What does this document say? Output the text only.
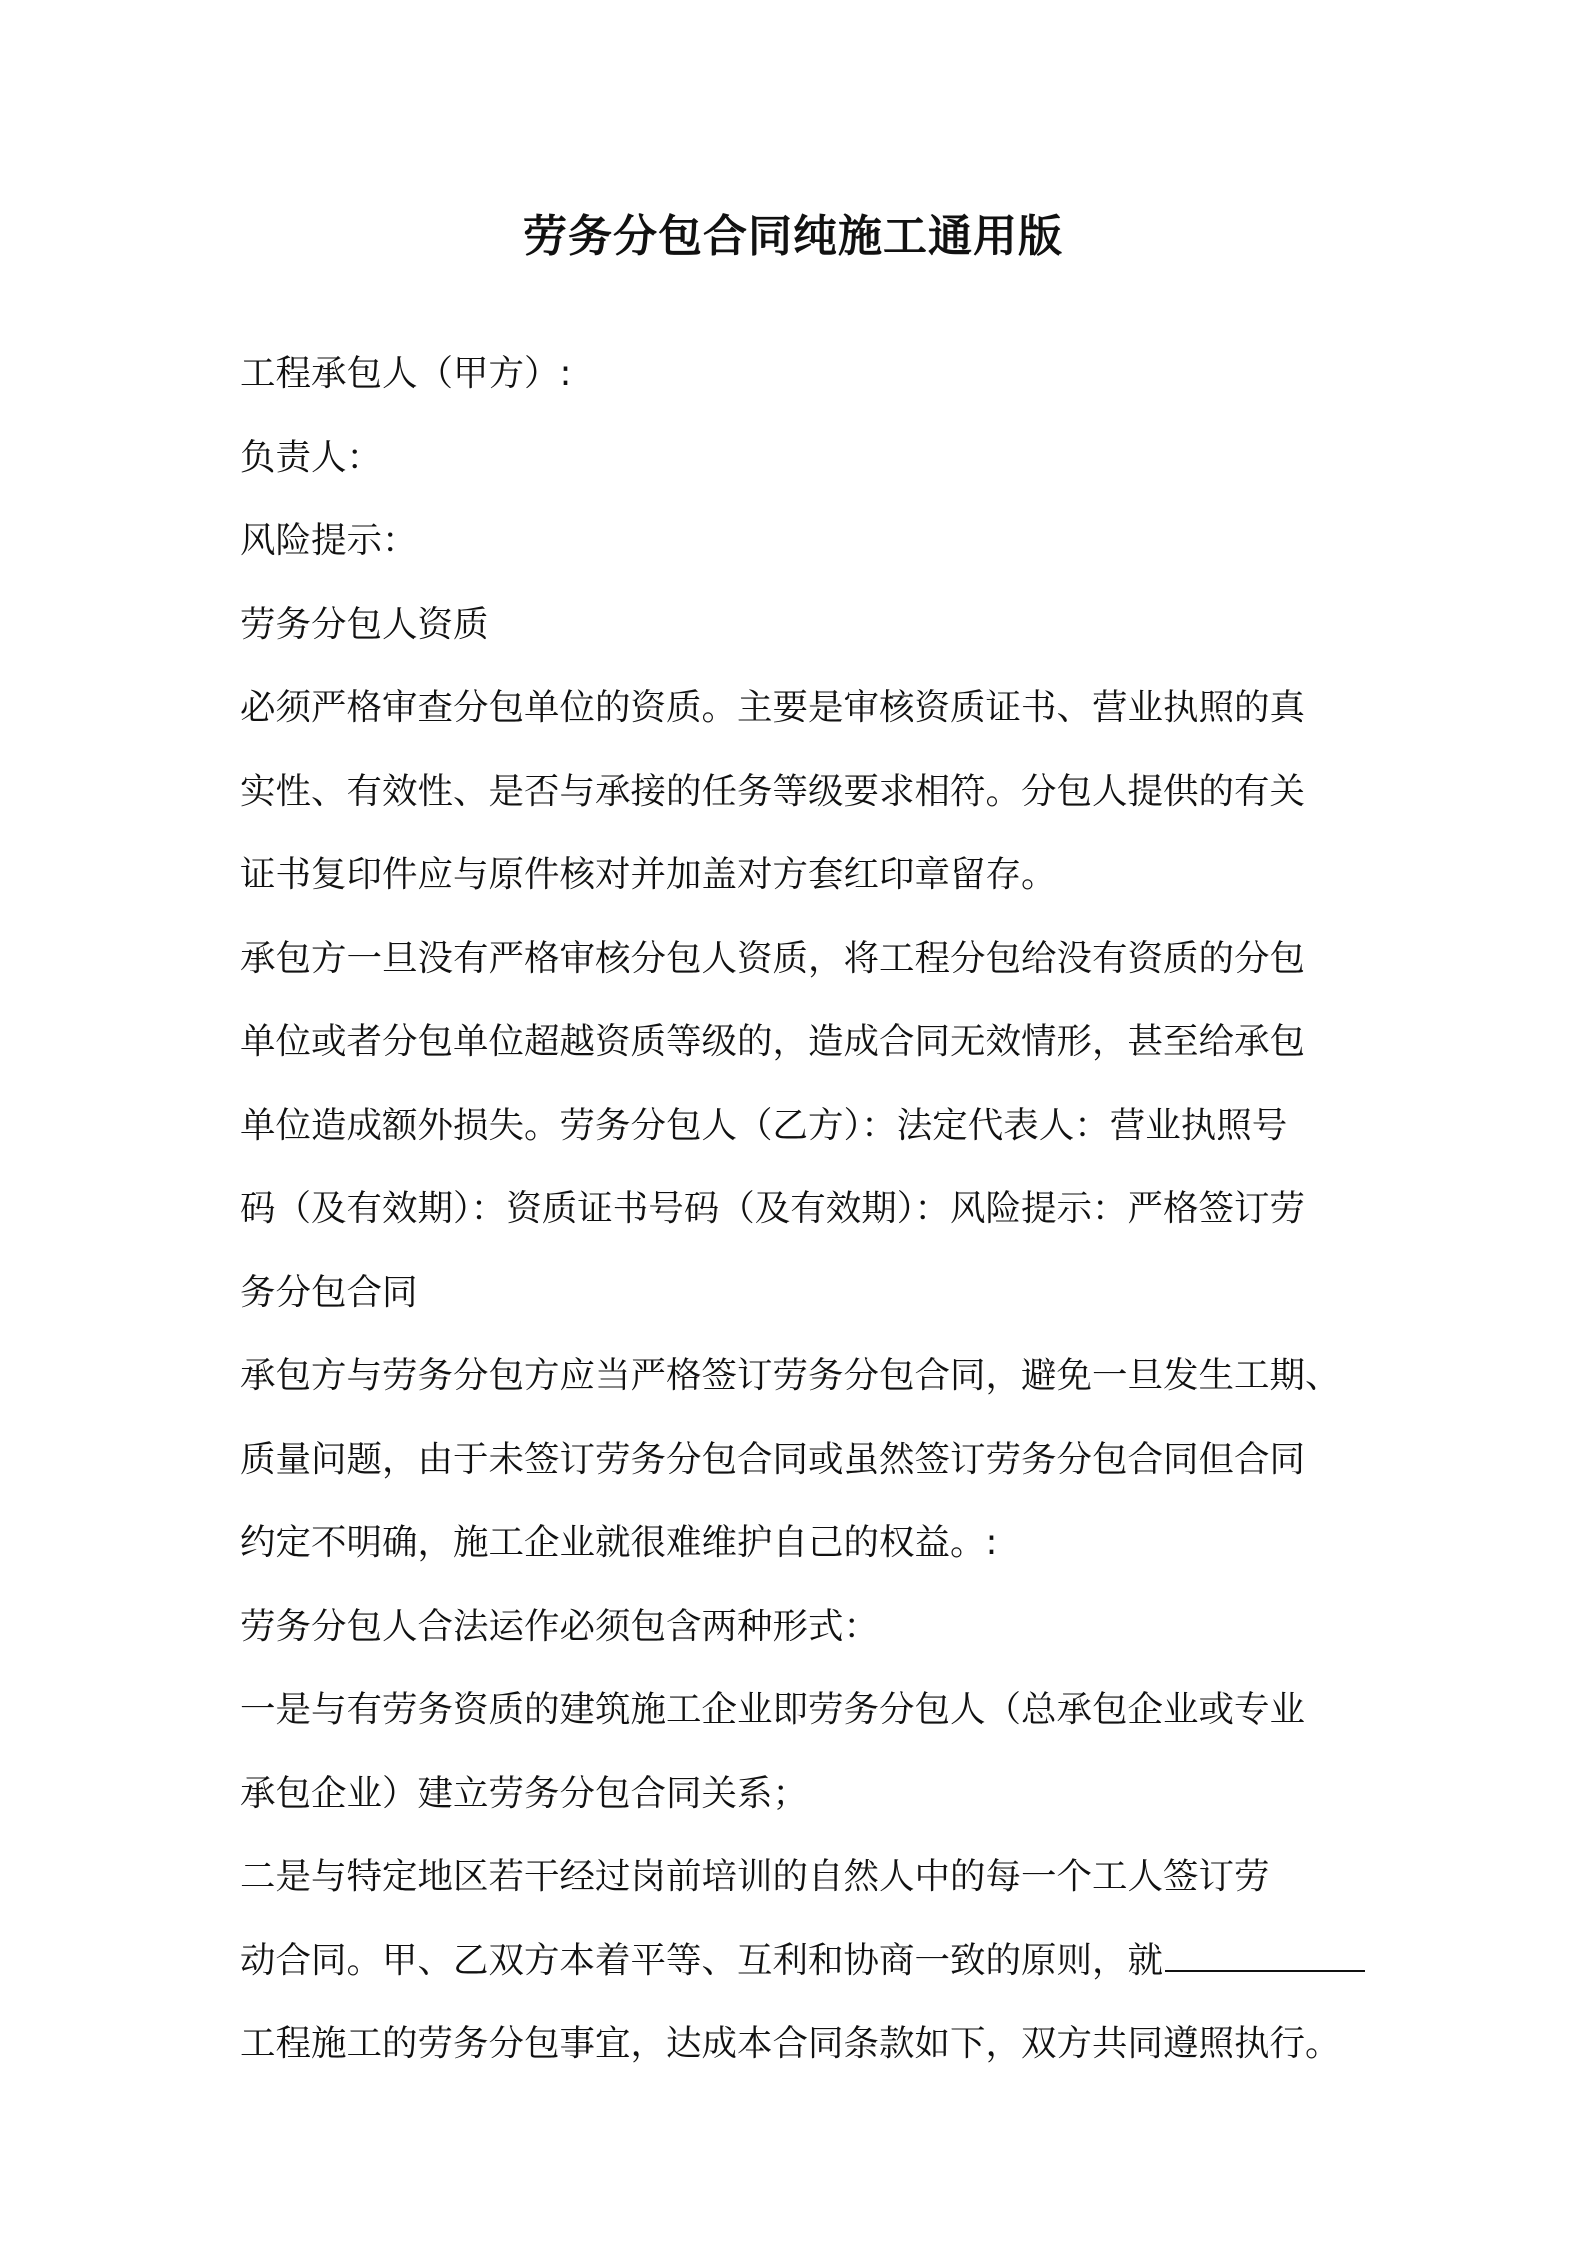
劳务分包合同纯施工通用版
工程承包人（甲方）:
负责人：
风险提示：
劳务分包人资质
必须严格审查分包单位的资质。主要是审核资质证书、营业执照的真
实性、有效性、是否与承接的任务等级要求相符。分包人提供的有关
证书复印件应与原件核对并加盖对方套红印章留存。
承包方一旦没有严格审核分包人资质，将工程分包给没有资质的分包
单位或者分包单位超越资质等级的，造成合同无效情形，甚至给承包
单位造成额外损失。劳务分包人（乙方）：法定代表人：营业执照号
码（及有效期）：资质证书号码（及有效期）：风险提示：严格签订劳
务分包合同
承包方与劳务分包方应当严格签订劳务分包合同，避免一旦发生工期、
质量问题，由于未签订劳务分包合同或虽然签订劳务分包合同但合同
约定不明确，施工企业就很难维护自己的权益。:
劳务分包人合法运作必须包含两种形式：
一是与有劳务资质的建筑施工企业即劳务分包人（总承包企业或专业
承包企业）建立劳务分包合同关系；
二是与特定地区若干经过岗前培训的自然人中的每一个工人签订劳
动合同。甲、乙双方本着平等、互利和协商一致的原则，就
工程施工的劳务分包事宜，达成本合同条款如下，双方共同遵照执行。
